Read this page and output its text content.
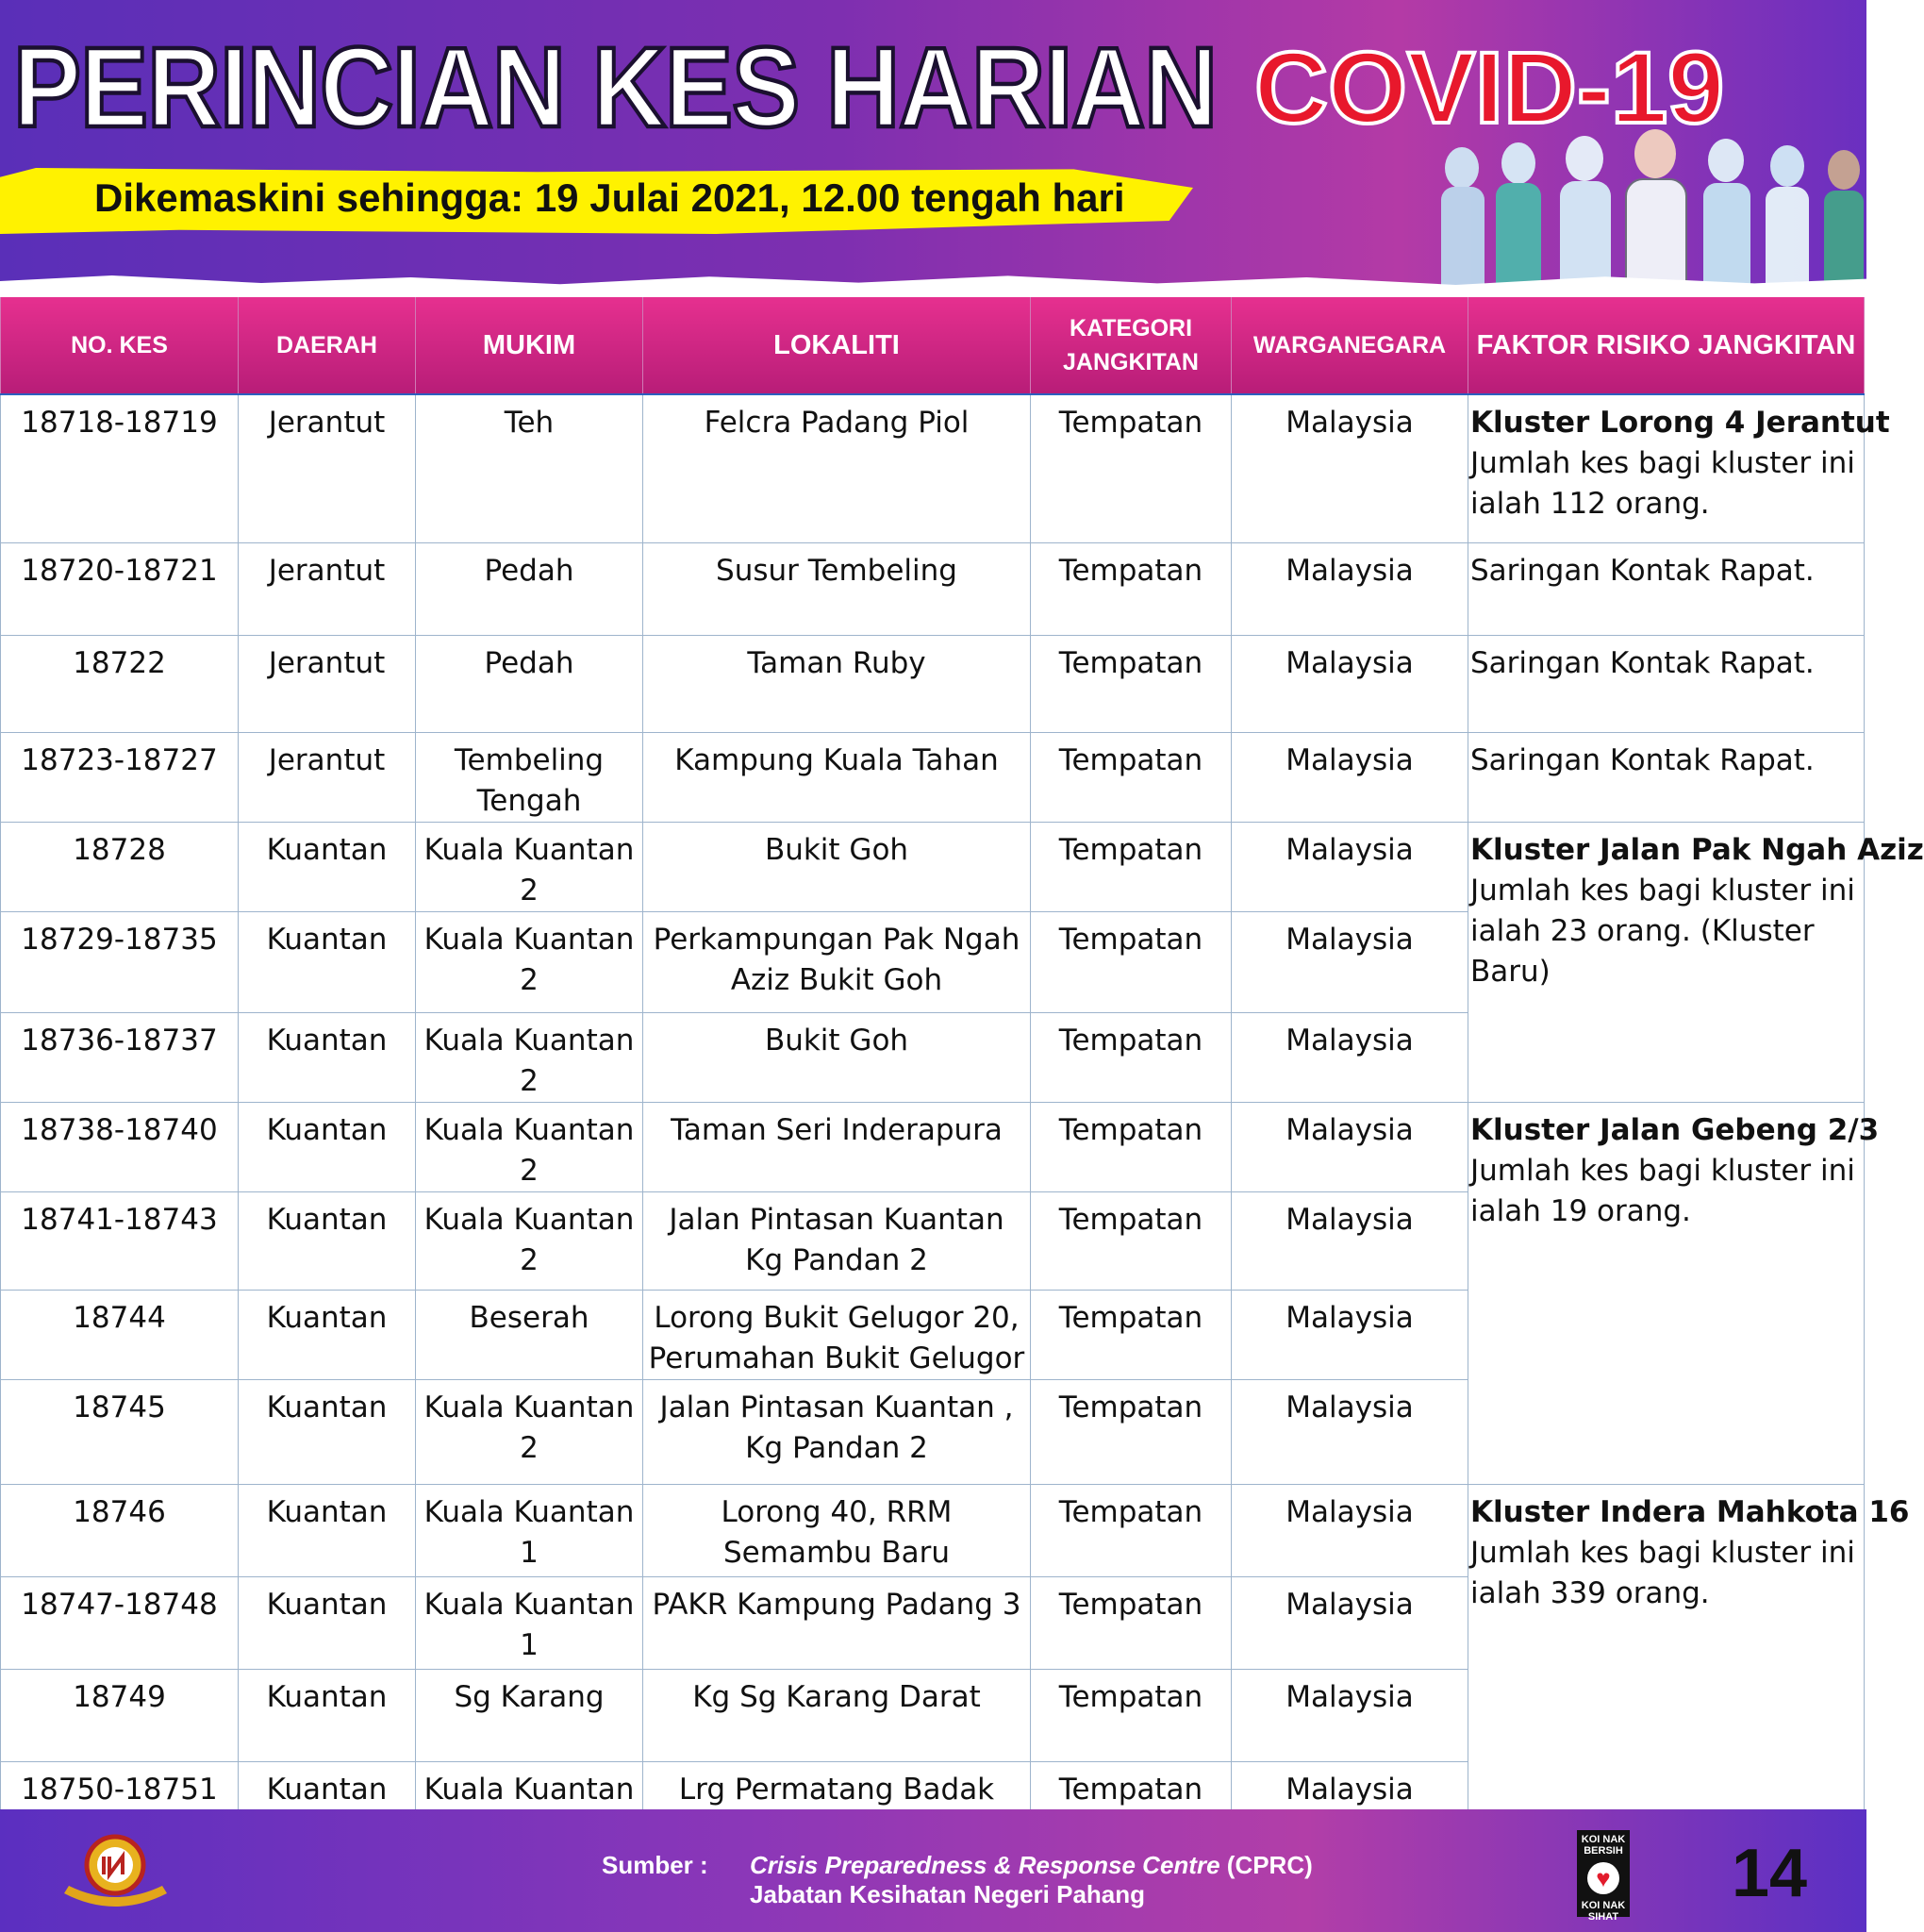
PERINCIAN KES HARIAN COVID-19
Dikemaskini sehingga: 19 Julai 2021, 12.00 tengah hari
NO. KES	DAERAH	MUKIM	LOKALITI	KATEGORI JANGKITAN	WARGANEGARA	FAKTOR RISIKO JANGKITAN
18718-18719	Jerantut	Teh	Felcra Padang Piol	Tempatan	Malaysia	Kluster Lorong 4 Jerantut
Jumlah kes bagi kluster ini ialah 112 orang.

18720-18721	Jerantut	Pedah	Susur Tembeling	Tempatan	Malaysia	Saringan Kontak Rapat.

18722	Jerantut	Pedah	Taman Ruby	Tempatan	Malaysia	Saringan Kontak Rapat.

18723-18727	Jerantut	Tembeling Tengah	Kampung Kuala Tahan	Tempatan	Malaysia	Saringan Kontak Rapat.

18728	Kuantan	Kuala Kuantan 2	Bukit Goh	Tempatan	Malaysia	Kluster Jalan Pak Ngah Aziz
Jumlah kes bagi kluster ini ialah 23 orang. (Kluster Baru)

18729-18735	Kuantan	Kuala Kuantan 2	Perkampungan Pak Ngah Aziz Bukit Goh	Tempatan	Malaysia	
18736-18737	Kuantan	Kuala Kuantan 2	Bukit Goh	Tempatan	Malaysia	
18738-18740	Kuantan	Kuala Kuantan 2	Taman Seri Inderapura	Tempatan	Malaysia	Kluster Jalan Gebeng 2/3
Jumlah kes bagi kluster ini ialah 19 orang.

18741-18743	Kuantan	Kuala Kuantan 2	Jalan Pintasan Kuantan Kg Pandan 2	Tempatan	Malaysia	
18744	Kuantan	Beserah	Lorong Bukit Gelugor 20, Perumahan Bukit Gelugor	Tempatan	Malaysia	
18745	Kuantan	Kuala Kuantan 2	Jalan Pintasan Kuantan , Kg Pandan 2	Tempatan	Malaysia	
18746	Kuantan	Kuala Kuantan 1	Lorong 40, RRM Semambu Baru	Tempatan	Malaysia	Kluster Indera Mahkota 16
Jumlah kes bagi kluster ini ialah 339 orang.

18747-18748	Kuantan	Kuala Kuantan 1	PAKR Kampung Padang 3	Tempatan	Malaysia	
18749	Kuantan	Sg Karang	Kg Sg Karang Darat	Tempatan	Malaysia	
18750-18751	Kuantan	Kuala Kuantan	Lrg Permatang Badak	Tempatan	Malaysia	
Sumber : Crisis Preparedness & Response Centre (CPRC)
Jabatan Kesihatan Negeri Pahang
KOI NAK BERSIH
♥
KOI NAK SIHAT
14
